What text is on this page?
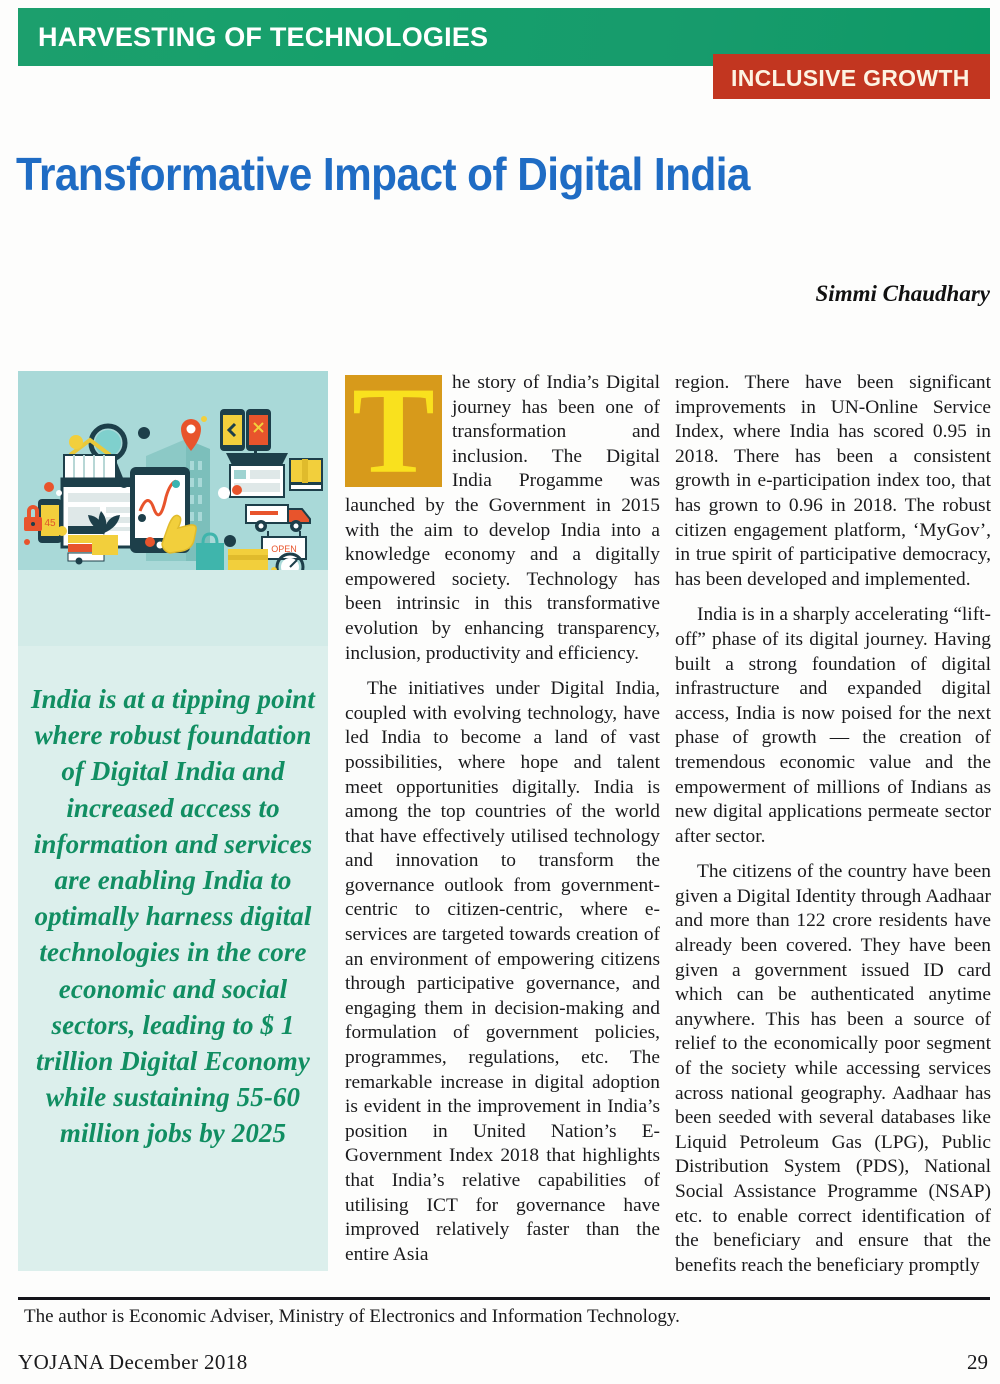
HARVESTING OF TECHNOLOGIES
INCLUSIVE GROWTH
Transformative Impact of Digital India
Simmi Chaudhary
45
OPEN
India is at a tipping point where robust foundation of Digital India and increased access to information and services are enabling India to optimally harness digital technologies in the core economic and social sectors, leading to $ 1 trillion Digital Economy while sustaining 55-60 million jobs by 2025

T he story of India’s Digital journey has been one of transformation and inclusion. The Digital India Progamme was launched by the Government in 2015 with the aim to develop India into a knowledge economy and a digitally empowered society. Technology has been intrinsic in this transformative evolution by enhancing transparency, inclusion, productivity and efficiency.

The initiatives under Digital India, coupled with evolving technology, have led India to become a land of vast possibilities, where hope and talent meet opportunities digitally. India is among the top countries of the world that have effectively utilised technology and innovation to transform the governance outlook from government-centric to citizen-centric, where e-services are targeted towards creation of an environment of empowering citizens through participative governance, and engaging them in decision-making and formulation of government policies, programmes, regulations, etc. The remarkable increase in digital adoption is evident in the improvement in India’s position in United Nation’s E-Government Index 2018 that highlights that India’s relative capabilities of utilising ICT for governance have improved relatively faster than the entire Asia

region. There have been significant improvements in UN-Online Service Index, where India has scored 0.95 in 2018. There has been a consistent growth in e-participation index too, that has grown to 0.96 in 2018. The robust citizen engagement platform, ‘MyGov’, in true spirit of participative democracy, has been developed and implemented.

India is in a sharply accelerating “lift-off” phase of its digital journey. Having built a strong foundation of digital infrastructure and expanded digital access, India is now poised for the next phase of growth — the creation of tremendous economic value and the empowerment of millions of Indians as new digital applications permeate sector after sector.

The citizens of the country have been given a Digital Identity through Aadhaar and more than 122 crore residents have already been covered. They have been given a government issued ID card which can be authenticated anytime anywhere. This has been a source of relief to the economically poor segment of the society while accessing services across national geography. Aadhaar has been seeded with several databases like Liquid Petroleum Gas (LPG), Public Distribution System (PDS), National Social Assistance Programme (NSAP) etc. to enable correct identification of the beneficiary and ensure that the benefits reach the beneficiary promptly

The author is Economic Adviser, Ministry of Electronics and Information Technology.
YOJANA December 2018	29
